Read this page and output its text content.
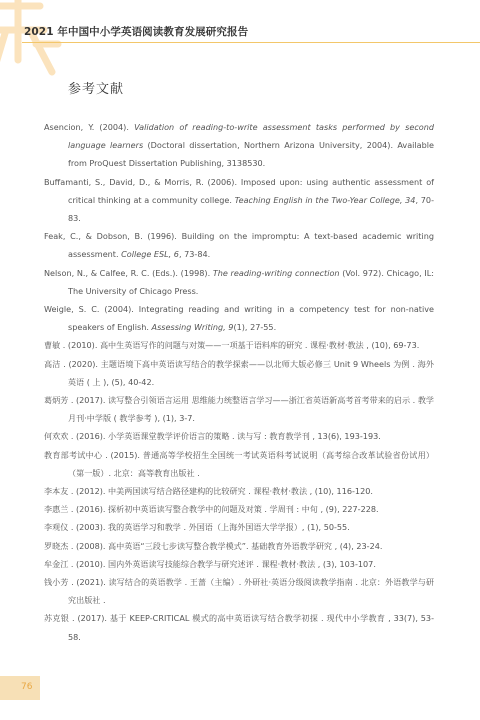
2021 年中国中小学英语阅读教育发展研究报告
参考文献

Asencion, Y. (2004). Validation of reading-to-write assessment tasks performed by second language learners (Doctoral dissertation, Northern Arizona University, 2004). Available from ProQuest Dissertation Publishing, 3138530.

Buffamanti, S., David, D., & Morris, R. (2006). Imposed upon: using authentic assessment of critical thinking at a community college. Teaching English in the Two-Year College, 34, 70-83.

Feak, C., & Dobson, B. (1996). Building on the impromptu: A text-based academic writing assessment. College ESL, 6, 73-84.

Nelson, N., & Calfee, R. C. (Eds.). (1998). The reading-writing connection (Vol. 972). Chicago, IL: The University of Chicago Press.

Weigle, S. C. (2004). Integrating reading and writing in a competency test for non-native speakers of English. Assessing Writing, 9(1), 27-55.

曹敏 . (2010). 高中生英语写作的问题与对策——一项基于语料库的研究 . 课程·教材·教法 , (10), 69-73.

高洁 . (2020). 主题语境下高中英语读写结合的教学探索——以北师大版必修三 Unit 9 Wheels 为例 . 海外英语 ( 上 ), (5), 40-42.

葛炳芳 . (2017). 读写整合引领语言运用 思维能力统整语言学习——浙江省英语新高考首考带来的启示 . 教学月刊·中学版 ( 教学参考 ), (1), 3-7.

何欢欢 . (2016). 小学英语课堂教学评价语言的策略 . 读与写 : 教育教学刊 , 13(6), 193-193.

教育部考试中心 . (2015). 普通高等学校招生全国统一考试英语科考试说明（高考综合改革试验省份试用）（第一版）. 北京：高等教育出版社 .

李本友 . (2012). 中美两国读写结合路径建构的比较研究 . 课程·教材·教法 , (10), 116-120.

李惠兰 . (2016). 探析初中英语读写整合教学中的问题及对策 . 学周刊 : 中旬 , (9), 227-228.

李观仪 . (2003). 我的英语学习和教学 . 外国语（上海外国语大学学报）, (1), 50-55.

罗晓杰 . (2008). 高中英语“三段七步读写整合教学模式”. 基础教育外语教学研究 , (4), 23-24.

牟金江 . (2010). 国内外英语读写技能综合教学与研究述评 . 课程·教材·教法 , (3), 103-107.

钱小芳 . (2021). 读写结合的英语教学 . 王蔷（主编）. 外研社·英语分级阅读教学指南 . 北京：外语教学与研究出版社 .

苏克银 . (2017). 基于 KEEP-CRITICAL 模式的高中英语读写结合教学初探 . 现代中小学教育 , 33(7), 53-58.

76
